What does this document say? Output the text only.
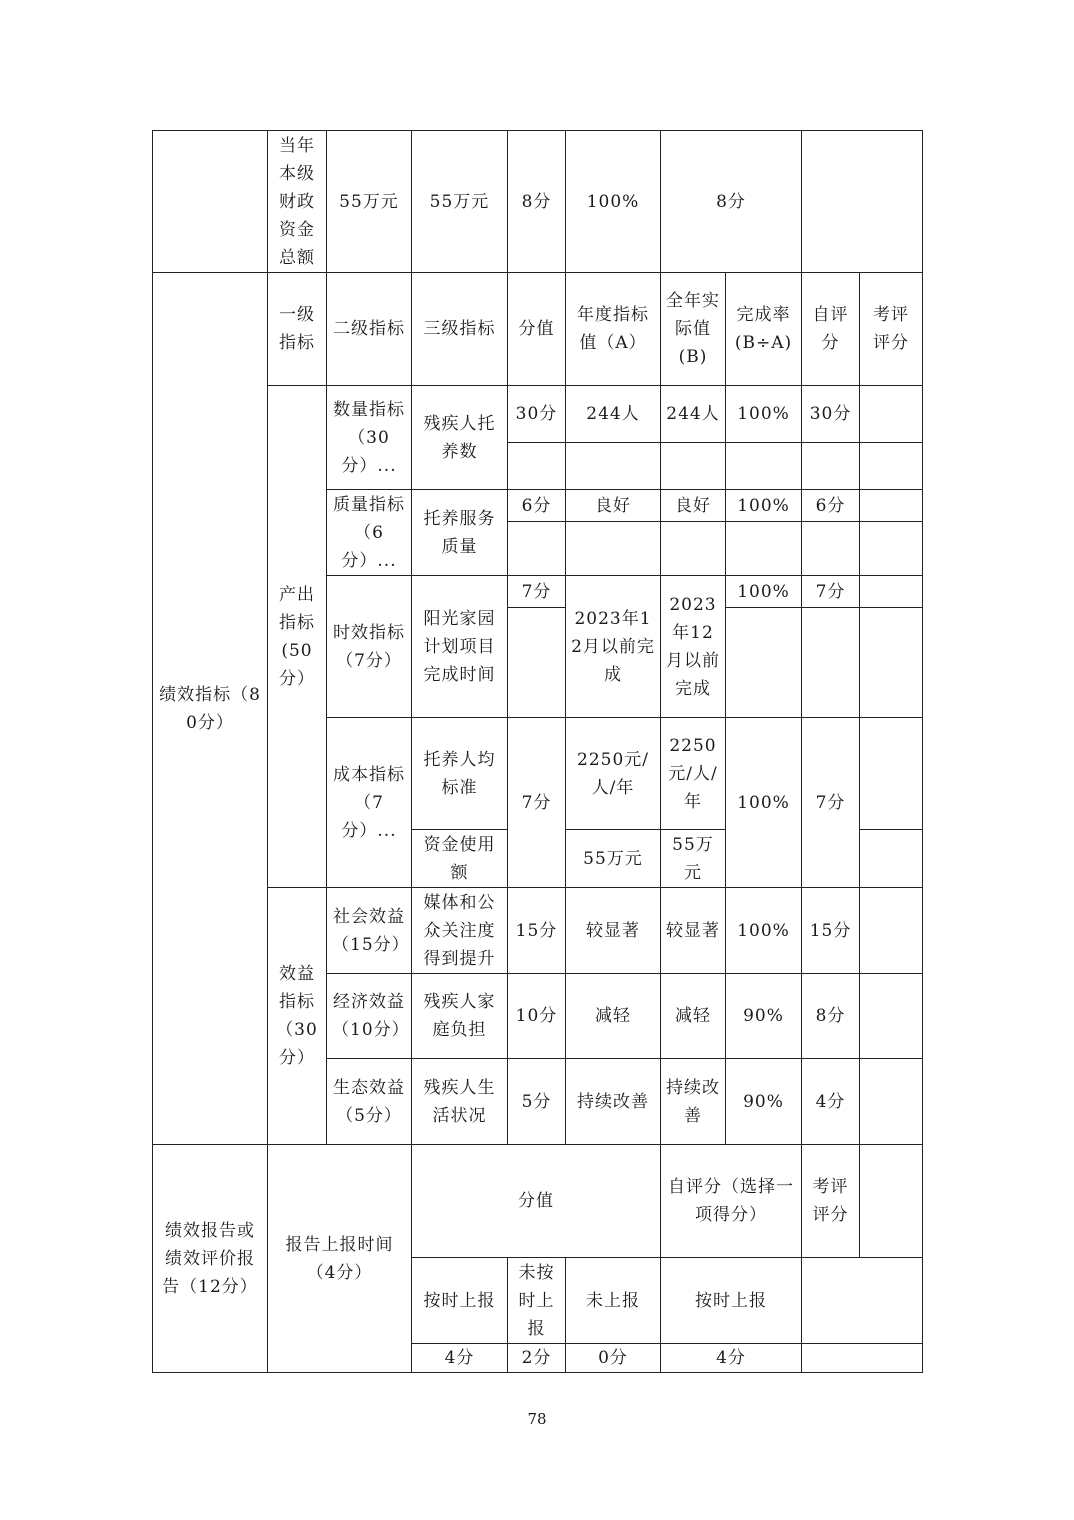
	当年本级财政资金总额	55万元	55万元	8分	100%	8分			
绩效指标（80分）	一级指标	二级指标	三级指标	分值	年度指标值（A）	全年实际值(B)	完成率(B÷A)	自评分	考评评分
	产出指标(50分）	数量指标（30分）...	残疾人托养数	30分	244人	244人	100%	30分	

		质量指标（6分）...	托养服务质量	6分	良好	良好	100%	6分	

		时效指标（7分）	阳光家园计划项目完成时间	7分	2023年12月以前完成	2023年12月以前完成	100%	7分	

		成本指标（7分）...	托养人均标准	7分	2250元/人/年	2250元/人/年	100%	7分	
			资金使用额		55万元	55万元			
	效益指标（30分）	社会效益（15分）	媒体和公众关注度得到提升	15分	较显著	较显著	100%	15分	
		经济效益（10分）	残疾人家庭负担	10分	减轻	减轻	90%	8分	
		生态效益（5分）	残疾人生活状况	5分	持续改善	持续改善	90%	4分	
绩效报告或绩效评价报告（12分）	报告上报时间（4分）		分值			自评分（选择一项得分）		考评评分	
			按时上报	未按时上报	未上报	按时上报			
			4分	2分	0分	4分			
78
